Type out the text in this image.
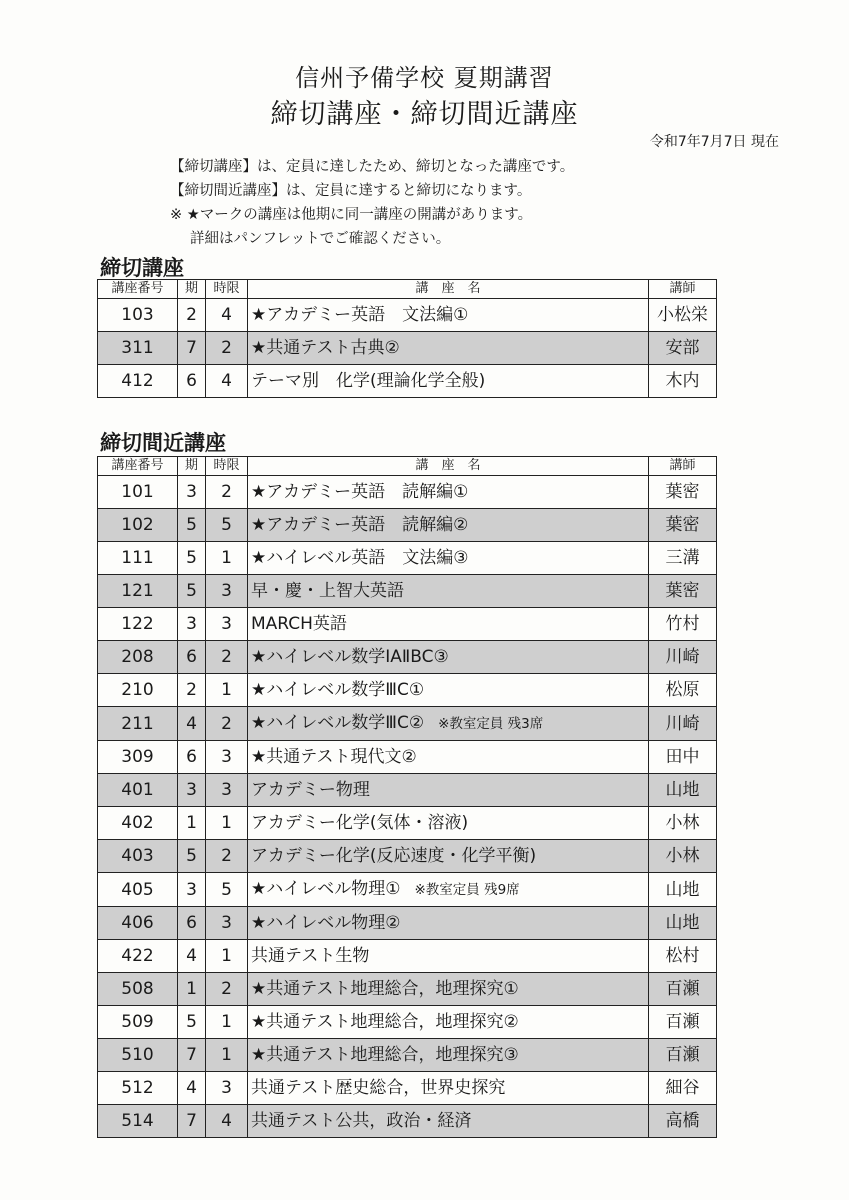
信州予備学校 夏期講習
締切講座・締切間近講座
令和7年7月7日 現在
【締切講座】は、定員に達したため、締切となった講座です。
【締切間近講座】は、定員に達すると締切になります。
※ ★マークの講座は他期に同一講座の開講があります。
詳細はパンフレットでご確認ください。
締切講座
講座番号	期	時限	講　座　名	講師
103	2	4	★アカデミー英語　文法編①	小松栄
311	7	2	★共通テスト古典②	安部
412	6	4	テーマ別　化学(理論化学全般)	木内
締切間近講座
講座番号	期	時限	講　座　名	講師
101	3	2	★アカデミー英語　読解編①	葉密
102	5	5	★アカデミー英語　読解編②	葉密
111	5	1	★ハイレベル英語　文法編③	三溝
121	5	3	早・慶・上智大英語	葉密
122	3	3	MARCH英語	竹村
208	6	2	★ハイレベル数学ⅠAⅡBC③	川崎
210	2	1	★ハイレベル数学ⅢC①	松原
211	4	2	★ハイレベル数学ⅢC② ※教室定員 残3席	川崎
309	6	3	★共通テスト現代文②	田中
401	3	3	アカデミー物理	山地
402	1	1	アカデミー化学(気体・溶液)	小林
403	5	2	アカデミー化学(反応速度・化学平衡)	小林
405	3	5	★ハイレベル物理① ※教室定員 残9席	山地
406	6	3	★ハイレベル物理②	山地
422	4	1	共通テスト生物	松村
508	1	2	★共通テスト地理総合，地理探究①	百瀬
509	5	1	★共通テスト地理総合，地理探究②	百瀬
510	7	1	★共通テスト地理総合，地理探究③	百瀬
512	4	3	共通テスト歴史総合，世界史探究	細谷
514	7	4	共通テスト公共，政治・経済	高橋
